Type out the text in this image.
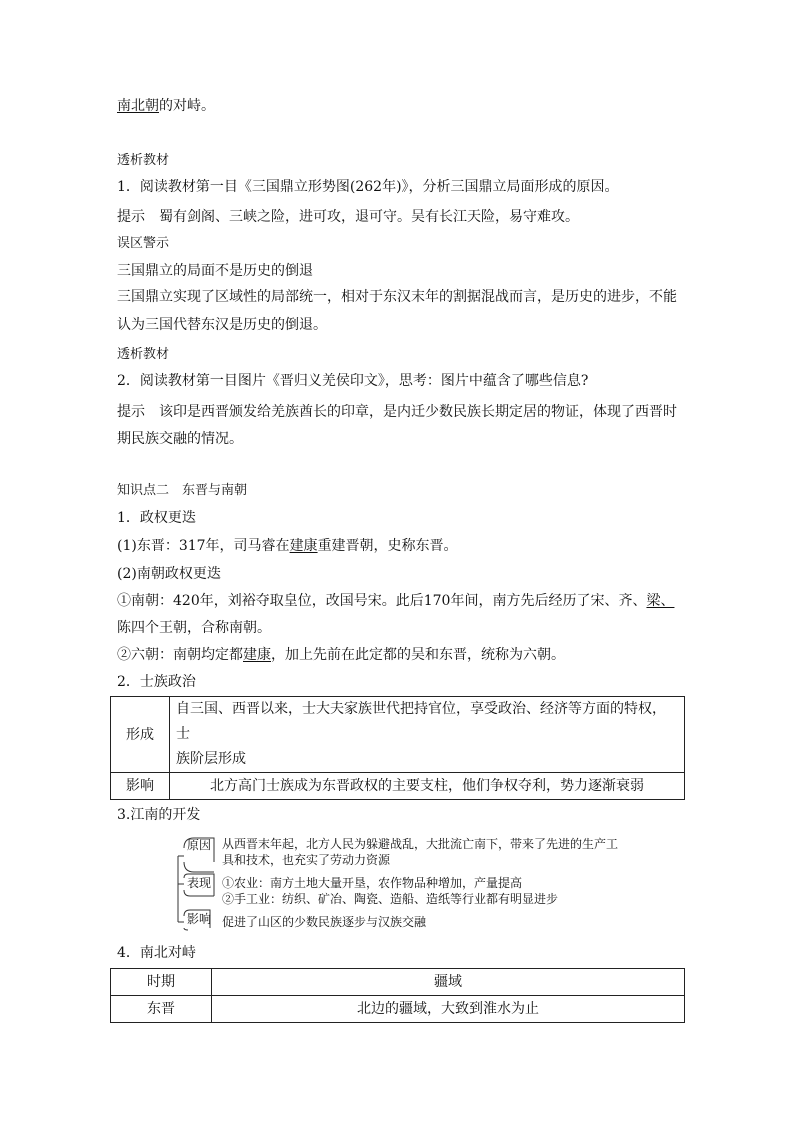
南北朝的对峙。
透析教材
1．阅读教材第一目《三国鼎立形势图(262年)》，分析三国鼎立局面形成的原因。
提示　蜀有剑阁、三峡之险，进可攻，退可守。吴有长江天险，易守难攻。
误区警示
三国鼎立的局面不是历史的倒退
三国鼎立实现了区域性的局部统一，相对于东汉末年的割据混战而言，是历史的进步，不能
认为三国代替东汉是历史的倒退。
透析教材
2．阅读教材第一目图片《晋归义羌侯印文》，思考：图片中蕴含了哪些信息?
提示　该印是西晋颁发给羌族酋长的印章，是内迁少数民族长期定居的物证，体现了西晋时
期民族交融的情况。
知识点二　东晋与南朝
1．政权更迭
(1)东晋：317年，司马睿在建康重建晋朝，史称东晋。
(2)南朝政权更迭
①南朝：420年，刘裕夺取皇位，改国号宋。此后170年间，南方先后经历了宋、齐、梁、
陈四个王朝，合称南朝。
②六朝：南朝均定都建康，加上先前在此定都的吴和东晋，统称为六朝。
2．士族政治
形成	自三国、西晋以来，士大夫家族世代把持官位，享受政治、经济等方面的特权，士
族阶层形成

影响	北方高门士族成为东晋政权的主要支柱，他们争权夺利，势力逐渐衰弱
3.江南的开发
原因 从西晋末年起，北方人民为躲避战乱，大批流亡南下，带来了先进的生产工
具和技术，也充实了劳动力资源
表现 ①农业：南方土地大量开垦，农作物品种增加，产量提高
②手工业：纺织、矿冶、陶瓷、造船、造纸等行业都有明显进步
影响 促进了山区的少数民族逐步与汉族交融
4．南北对峙
时期	疆域
东晋	北边的疆域，大致到淮水为止
